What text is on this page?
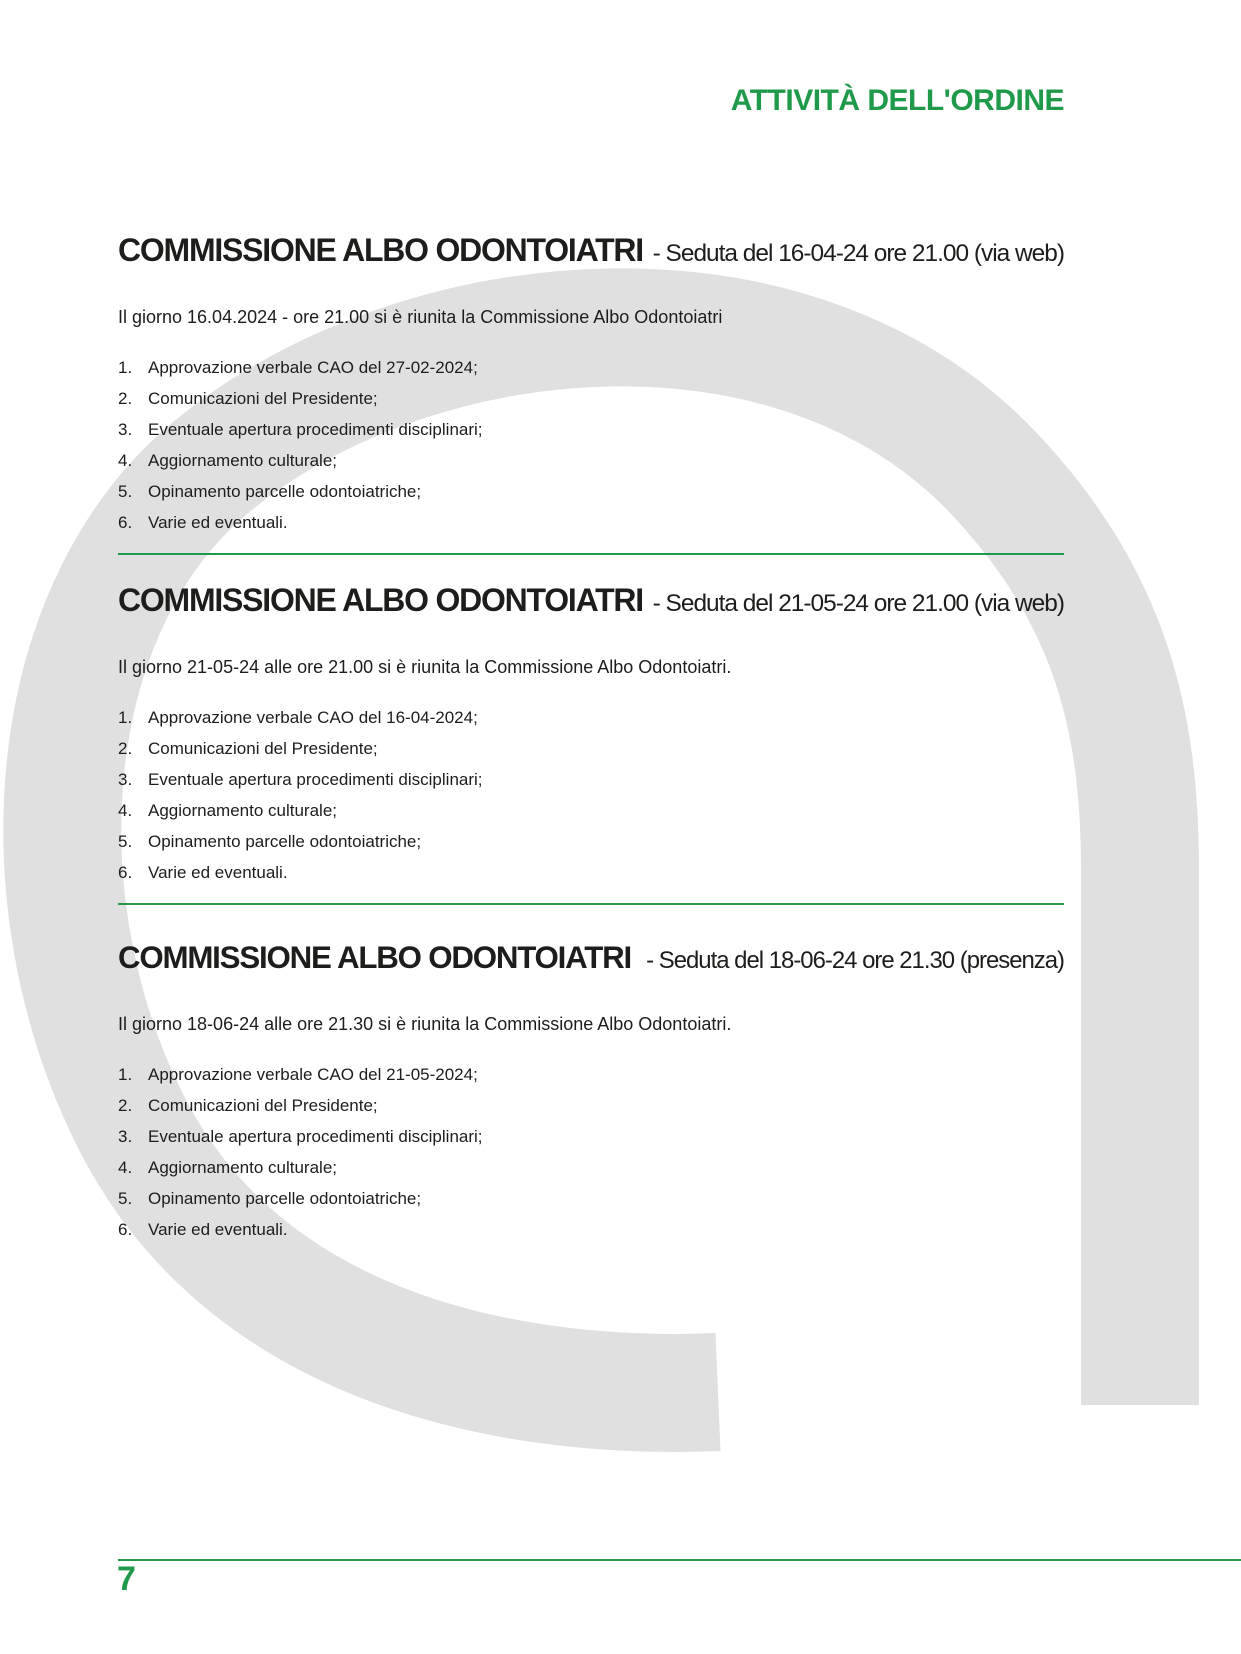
ATTIVITÀ DELL'ORDINE
COMMISSIONE ALBO ODONTOIATRI - Seduta del 16-04-24 ore 21.00 (via web)

Il giorno 16.04.2024 - ore 21.00 si è riunita la Commissione Albo Odontoiatri

1. Approvazione verbale CAO del 27-02-2024;
2. Comunicazioni del Presidente;
3. Eventuale apertura procedimenti disciplinari;
4. Aggiornamento culturale;
5. Opinamento parcelle odontoiatriche;
6. Varie ed eventuali.
COMMISSIONE ALBO ODONTOIATRI - Seduta del 21-05-24 ore 21.00 (via web)

Il giorno 21-05-24 alle ore 21.00 si è riunita la Commissione Albo Odontoiatri.

1. Approvazione verbale CAO del 16-04-2024;
2. Comunicazioni del Presidente;
3. Eventuale apertura procedimenti disciplinari;
4. Aggiornamento culturale;
5. Opinamento parcelle odontoiatriche;
6. Varie ed eventuali.
COMMISSIONE ALBO ODONTOIATRI - Seduta del 18-06-24 ore 21.30 (presenza)

Il giorno 18-06-24 alle ore 21.30 si è riunita la Commissione Albo Odontoiatri.

1. Approvazione verbale CAO del 21-05-2024;
2. Comunicazioni del Presidente;
3. Eventuale apertura procedimenti disciplinari;
4. Aggiornamento culturale;
5. Opinamento parcelle odontoiatriche;
6. Varie ed eventuali.
7
